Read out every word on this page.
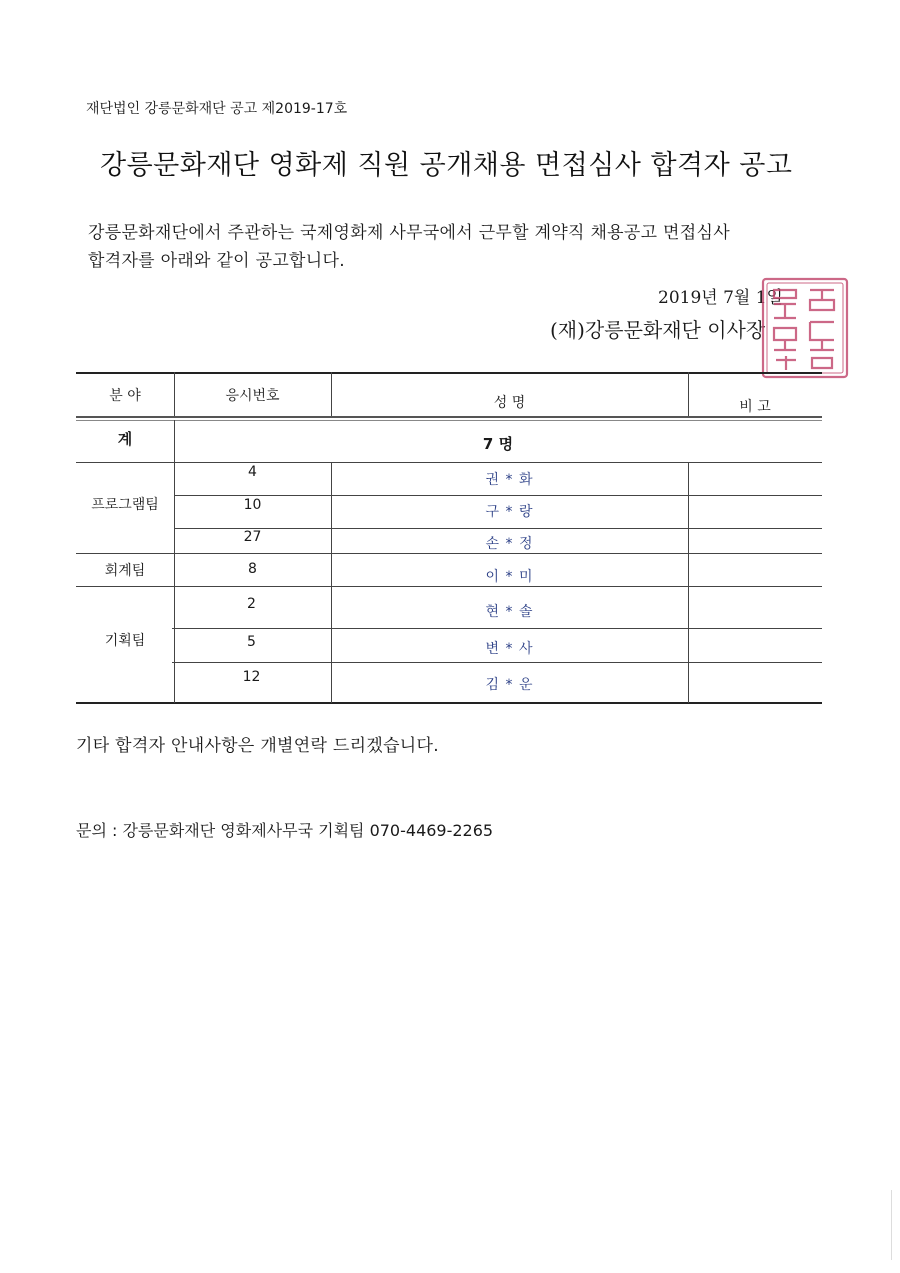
재단법인 강릉문화재단 공고 제2019-17호
강릉문화재단 영화제 직원 공개채용 면접심사 합격자 공고
강릉문화재단에서 주관하는 국제영화제 사무국에서 근무할 계약직 채용공고 면접심사
합격자를 아래와 같이 공고합니다.
2019년 7월 1일
(재)강릉문화재단 이사장
분 야	응시번호	성 명	비 고
계	7 명
프로그램팀
4	권 * 화
10	구 * 랑
27	손 * 정
회계팀	8	이 * 미
기획팀
2	현 * 솔
5	변 * 사
12	김 * 운
기타 합격자 안내사항은 개별연락 드리겠습니다.
문의 : 강릉문화재단 영화제사무국 기획팀 070-4469-2265
